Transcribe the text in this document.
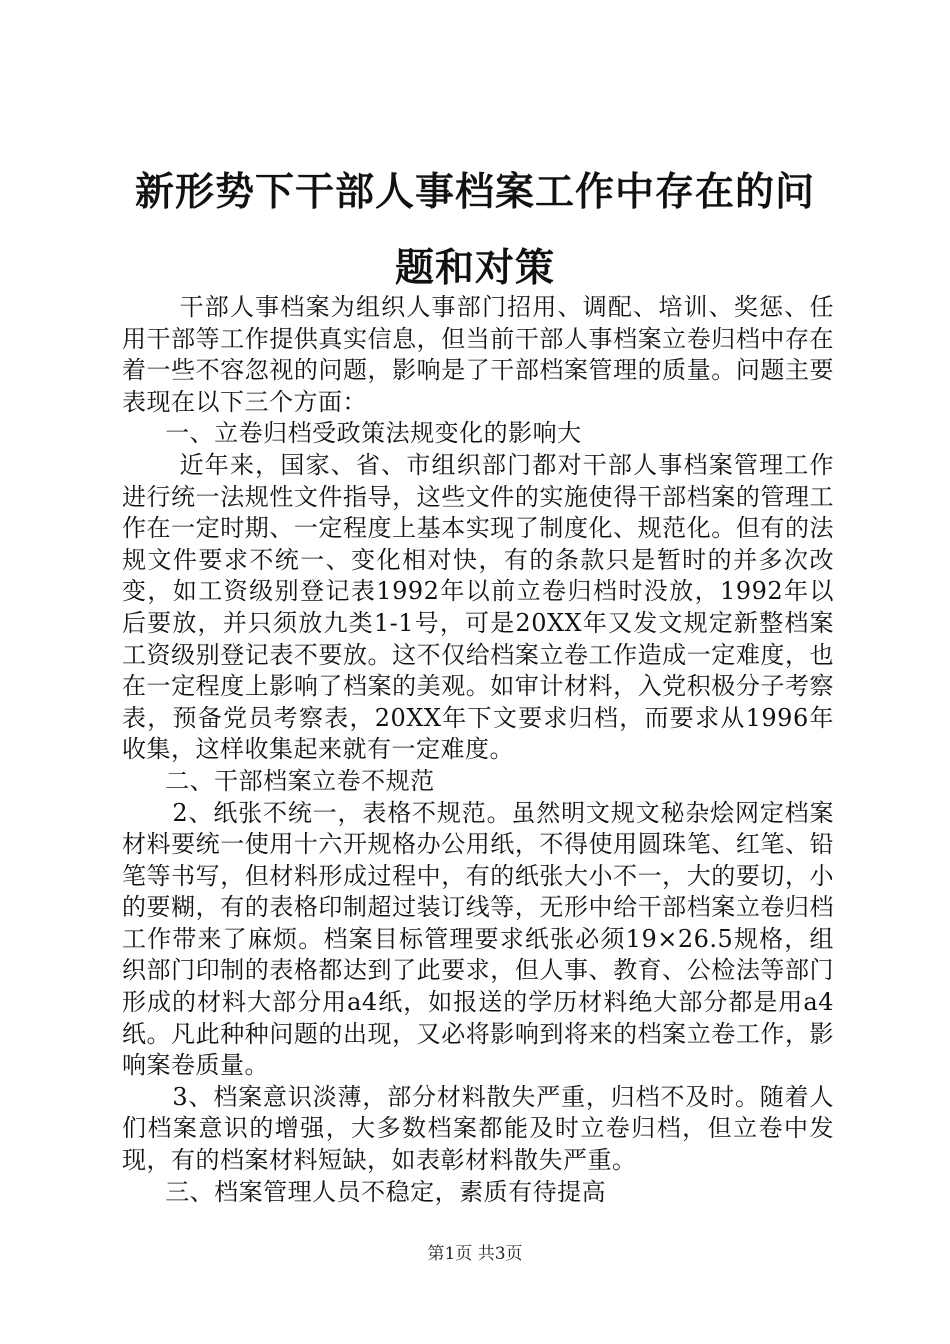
新形势下干部人事档案工作中存在的问题和对策

干部人事档案为组织人事部门招用、调配、培训、奖惩、任用干部等工作提供真实信息，但当前干部人事档案立卷归档中存在着一些不容忽视的问题，影响是了干部档案管理的质量。问题主要表现在以下三个方面：

一、立卷归档受政策法规变化的影响大

近年来，国家、省、市组织部门都对干部人事档案管理工作进行统一法规性文件指导，这些文件的实施使得干部档案的管理工作在一定时期、一定程度上基本实现了制度化、规范化。但有的法规文件要求不统一、变化相对快，有的条款只是暂时的并多次改变，如工资级别登记表1992年以前立卷归档时没放，1992年以后要放，并只须放九类1-1号，可是20XX年又发文规定新整档案工资级别登记表不要放。这不仅给档案立卷工作造成一定难度，也在一定程度上影响了档案的美观。如审计材料，入党积极分子考察表，预备党员考察表，20XX年下文要求归档，而要求从1996年收集，这样收集起来就有一定难度。

二、干部档案立卷不规范

2、纸张不统一，表格不规范。虽然明文规文秘杂烩网定档案材料要统一使用十六开规格办公用纸，不得使用圆珠笔、红笔、铅笔等书写，但材料形成过程中，有的纸张大小不一，大的要切，小的要糊，有的表格印制超过装订线等，无形中给干部档案立卷归档工作带来了麻烦。档案目标管理要求纸张必须19×26.5规格，组织部门印制的表格都达到了此要求，但人事、教育、公检法等部门形成的材料大部分用a4纸，如报送的学历材料绝大部分都是用a4纸。凡此种种问题的出现，又必将影响到将来的档案立卷工作，影响案卷质量。

3、档案意识淡薄，部分材料散失严重，归档不及时。随着人们档案意识的增强，大多数档案都能及时立卷归档，但立卷中发现，有的档案材料短缺，如表彰材料散失严重。

三、档案管理人员不稳定，素质有待提高

第1页 共3页
